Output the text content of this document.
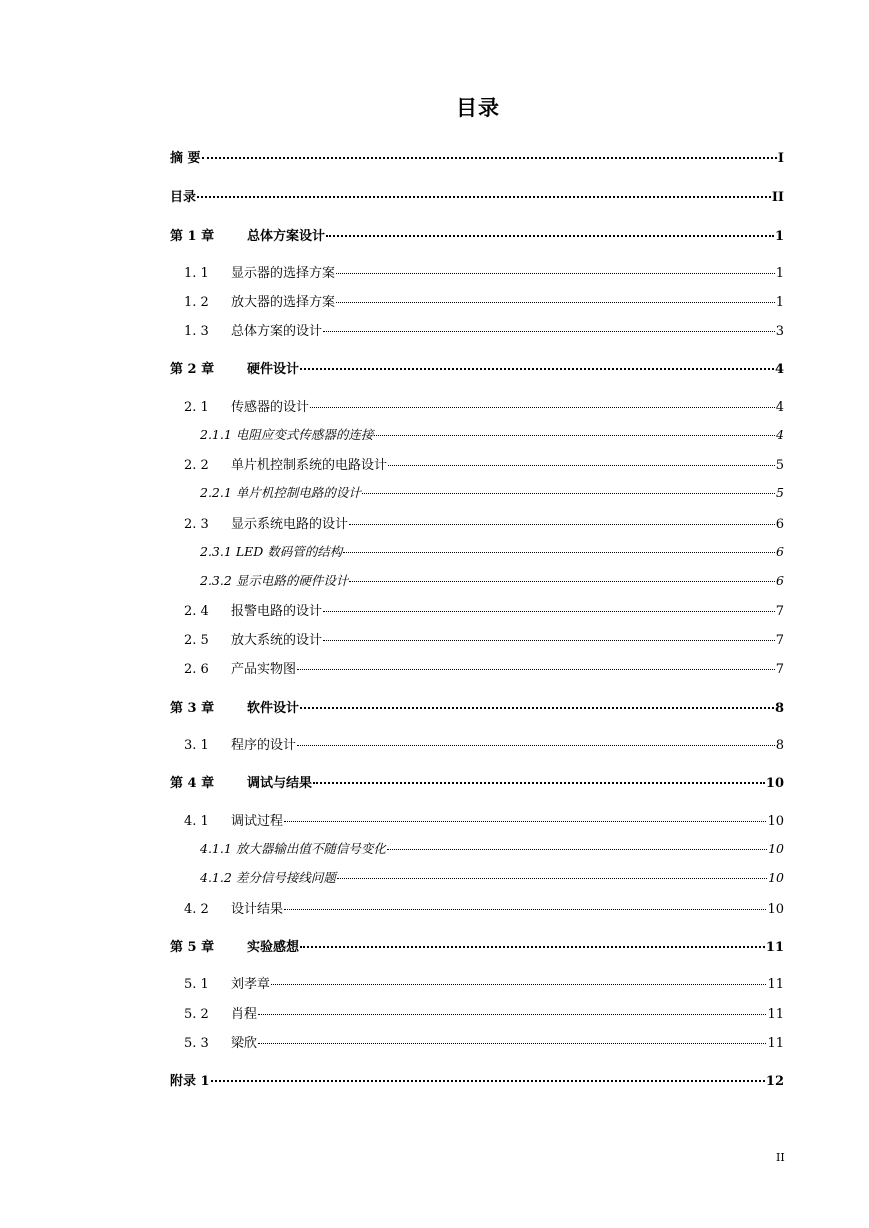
目录
摘 要	I
目录	II
第 1 章	总体方案设计	1
1. 1	显示器的选择方案	1
1. 2	放大器的选择方案	1
1. 3	总体方案的设计	3
第 2 章	硬件设计	4
2. 1	传感器的设计	4
2.1.1 电阻应变式传感器的连接	4
2. 2	单片机控制系统的电路设计	5
2.2.1 单片机控制电路的设计	5
2. 3	显示系统电路的设计	6
2.3.1 LED 数码管的结构	6
2.3.2 显示电路的硬件设计	6
2. 4	报警电路的设计	7
2. 5	放大系统的设计	7
2. 6	产品实物图	7
第 3 章	软件设计	8
3. 1	程序的设计	8
第 4 章	调试与结果	10
4. 1	调试过程	10
4.1.1 放大器输出值不随信号变化	10
4.1.2 差分信号接线问题	10
4. 2	设计结果	10
第 5 章	实验感想	11
5. 1	刘孝章	11
5. 2	肖程	11
5. 3	梁欣	11
附录 1	12
II
